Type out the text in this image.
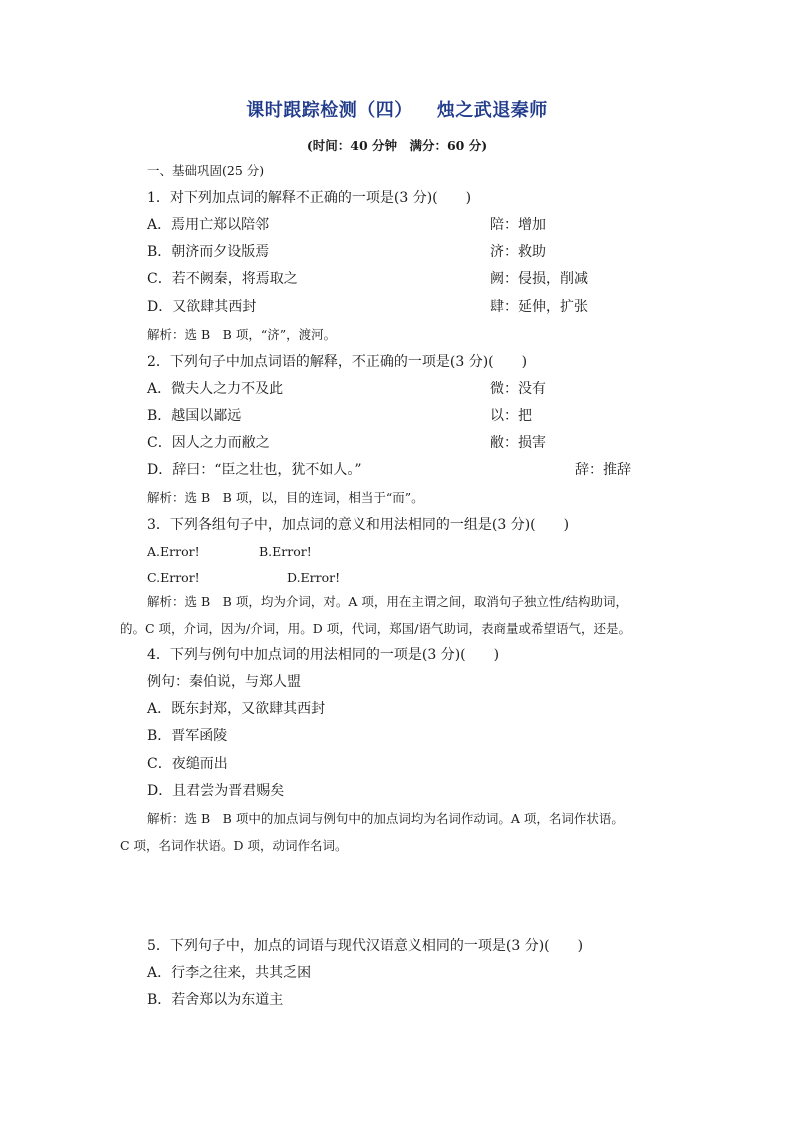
课时跟踪检测（四） 烛之武退秦师
(时间：40 分钟　满分：60 分)
一、基础巩固(25 分)
1．对下列加点词的解释不正确的一项是(3 分)(　　)
A．焉用亡郑以陪邻	陪：增加
B．朝济而夕设版焉	济：救助
C．若不阙秦，将焉取之	阙：侵损，削减
D．又欲肆其西封	肆：延伸，扩张
解析：选 B　B 项，“济”，渡河。
2．下列句子中加点词语的解释，不正确的一项是(3 分)(　　)
A．微夫人之力不及此	微：没有
B．越国以鄙远	以：把
C．因人之力而敝之	敝：损害
D．辞曰：“臣之壮也，犹不如人。”	辞：推辞
解析：选 B　B 项，以，目的连词，相当于“而”。
3．下列各组句子中，加点词的意义和用法相同的一组是(3 分)(　　)
A.Error!	B.Error!
C.Error!	D.Error!
解析：选 B　B 项，均为介词，对。A 项，用在主谓之间，取消句子独立性/结构助词，
的。C 项，介词，因为/介词，用。D 项，代词，郑国/语气助词，表商量或希望语气，还是。
4．下列与例句中加点词的用法相同的一项是(3 分)(　　)
例句：秦伯说，与郑人盟
A．既东封郑，又欲肆其西封
B．晋军函陵
C．夜缒而出
D．且君尝为晋君赐矣
解析：选 B　B 项中的加点词与例句中的加点词均为名词作动词。A 项，名词作状语。
C 项，名词作状语。D 项，动词作名词。
5．下列句子中，加点的词语与现代汉语意义相同的一项是(3 分)(　　)
A．行李之往来，共其乏困
B．若舍郑以为东道主
